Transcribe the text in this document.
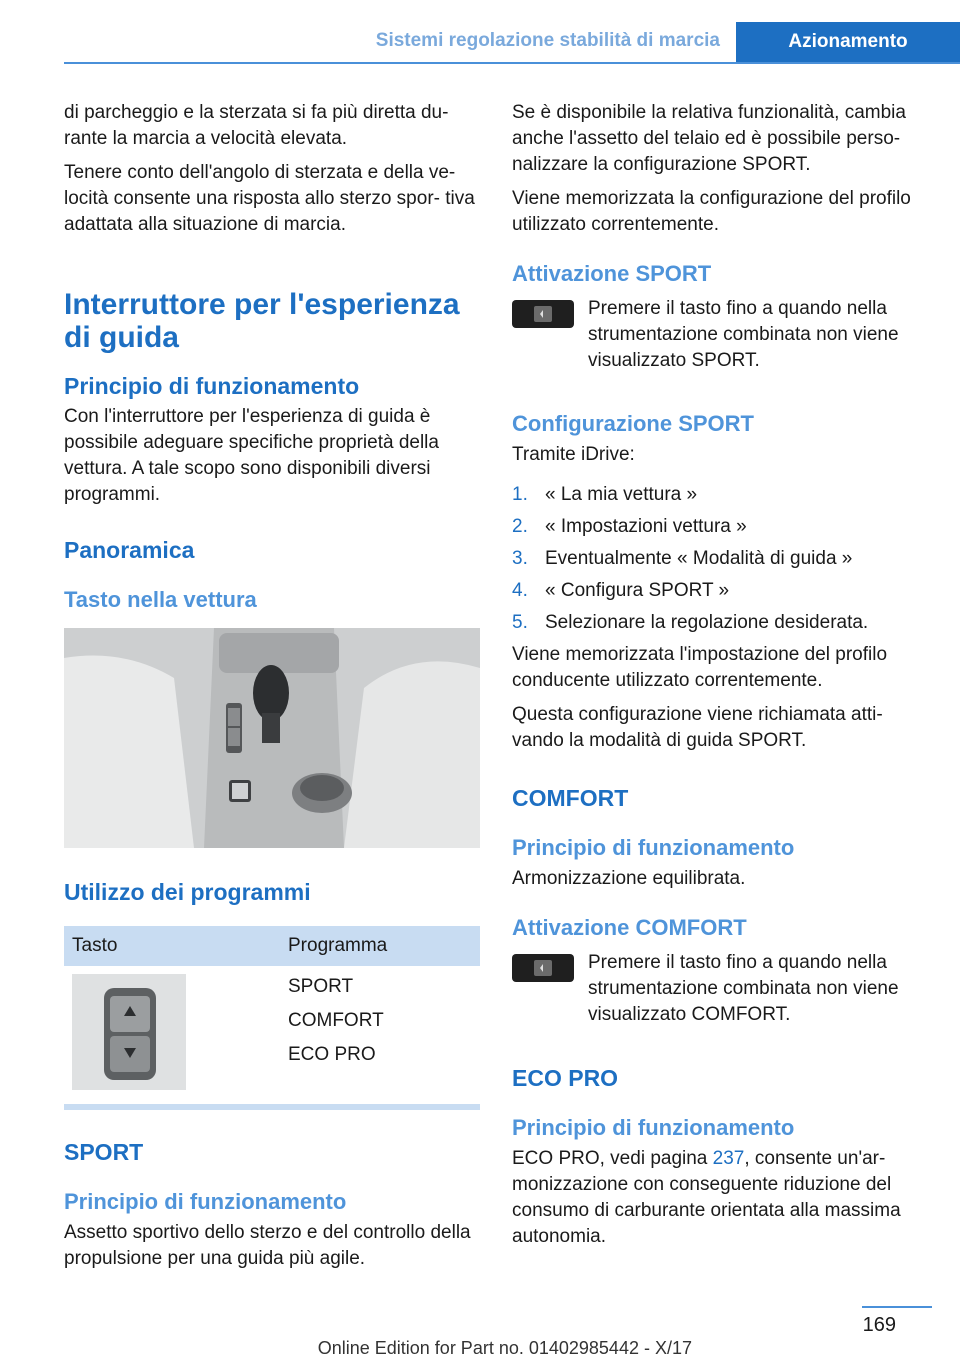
Sistemi regolazione stabilità di marcia	Azionamento

di parcheggio e la sterzata si fa più diretta du- rante la marcia a velocità elevata.

Tenere conto dell'angolo di sterzata e della ve- locità consente una risposta allo sterzo spor- tiva adattata alla situazione di marcia.

Interruttore per l'esperienza di guida
Principio di funzionamento

Con l'interruttore per l'esperienza di guida è possibile adeguare specifiche proprietà della vettura. A tale scopo sono disponibili diversi programmi.

Panoramica
Tasto nella vettura
Utilizzo dei programmi
Tasto	Programma

SPORT

COMFORT

ECO PRO

SPORT
Principio di funzionamento

Assetto sportivo dello sterzo e del controllo della propulsione per una guida più agile.

Se è disponibile la relativa funzionalità, cambia anche l'assetto del telaio ed è possibile perso- nalizzare la configurazione SPORT.

Viene memorizzata la configurazione del profilo utilizzato correntemente.

Attivazione SPORT

Premere il tasto fino a quando nella strumentazione combinata non viene visualizzato SPORT.

Configurazione SPORT

Tramite iDrive:

1. « La mia vettura »
2. « Impostazioni vettura »
3. Eventualmente « Modalità di guida »
4. « Configura SPORT »
5. Selezionare la regolazione desiderata.

Viene memorizzata l'impostazione del profilo conducente utilizzato correntemente.

Questa configurazione viene richiamata atti- vando la modalità di guida SPORT.

COMFORT
Principio di funzionamento

Armonizzazione equilibrata.

Attivazione COMFORT

Premere il tasto fino a quando nella strumentazione combinata non viene visualizzato COMFORT.

ECO PRO
Principio di funzionamento

ECO PRO, vedi pagina 237, consente un'ar- monizzazione con conseguente riduzione del consumo di carburante orientata alla massima autonomia.

169
Online Edition for Part no. 01402985442 - X/17
